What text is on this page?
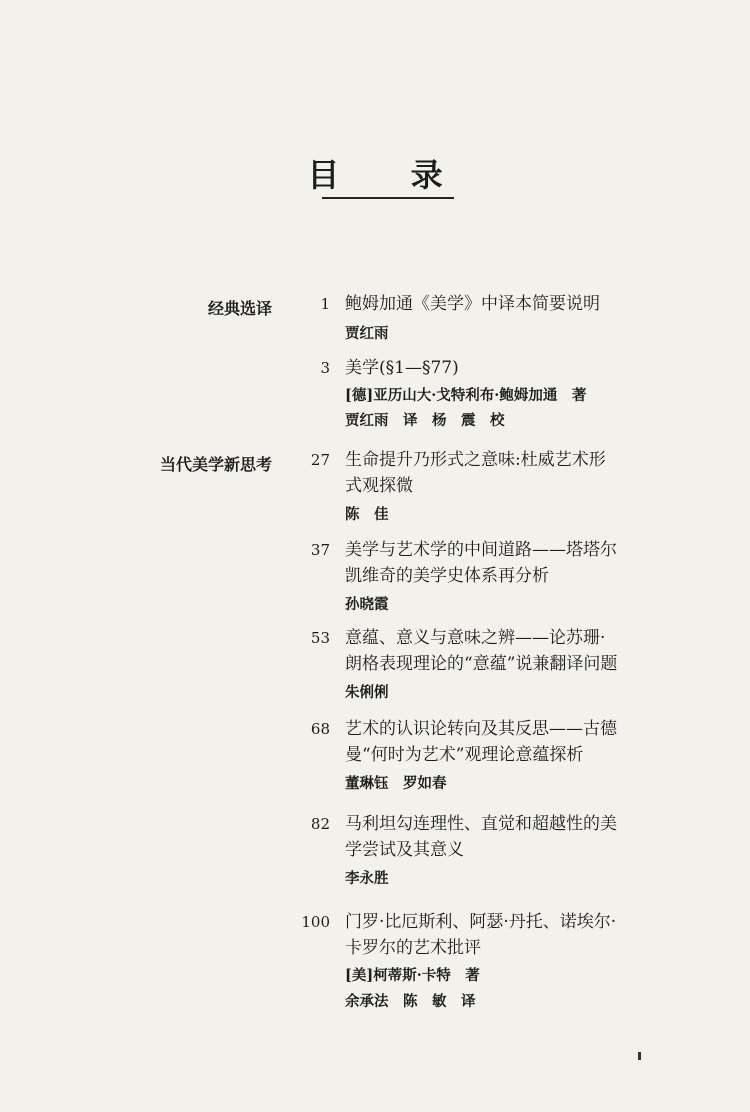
目 录
经典选译
当代美学新思考
1 鲍姆加通《美学》中译本简要说明
贾红雨
3 美学(§1—§77)
[德]亚历山大·戈特利布·鲍姆加通　著
贾红雨　译　杨　震　校
27 生命提升乃形式之意味:杜威艺术形
式观探微
陈　佳
37 美学与艺术学的中间道路——塔塔尔
凯维奇的美学史体系再分析
孙晓霞
53 意蕴、意义与意味之辨——论苏珊·
朗格表现理论的“意蕴”说兼翻译问题
朱俐俐
68 艺术的认识论转向及其反思——古德
曼“何时为艺术”观理论意蕴探析
董琳钰　罗如春
82 马利坦勾连理性、直觉和超越性的美
学尝试及其意义
李永胜
100 门罗·比厄斯利、阿瑟·丹托、诺埃尔·
卡罗尔的艺术批评
[美]柯蒂斯·卡特　著
余承法　陈　敏　译
